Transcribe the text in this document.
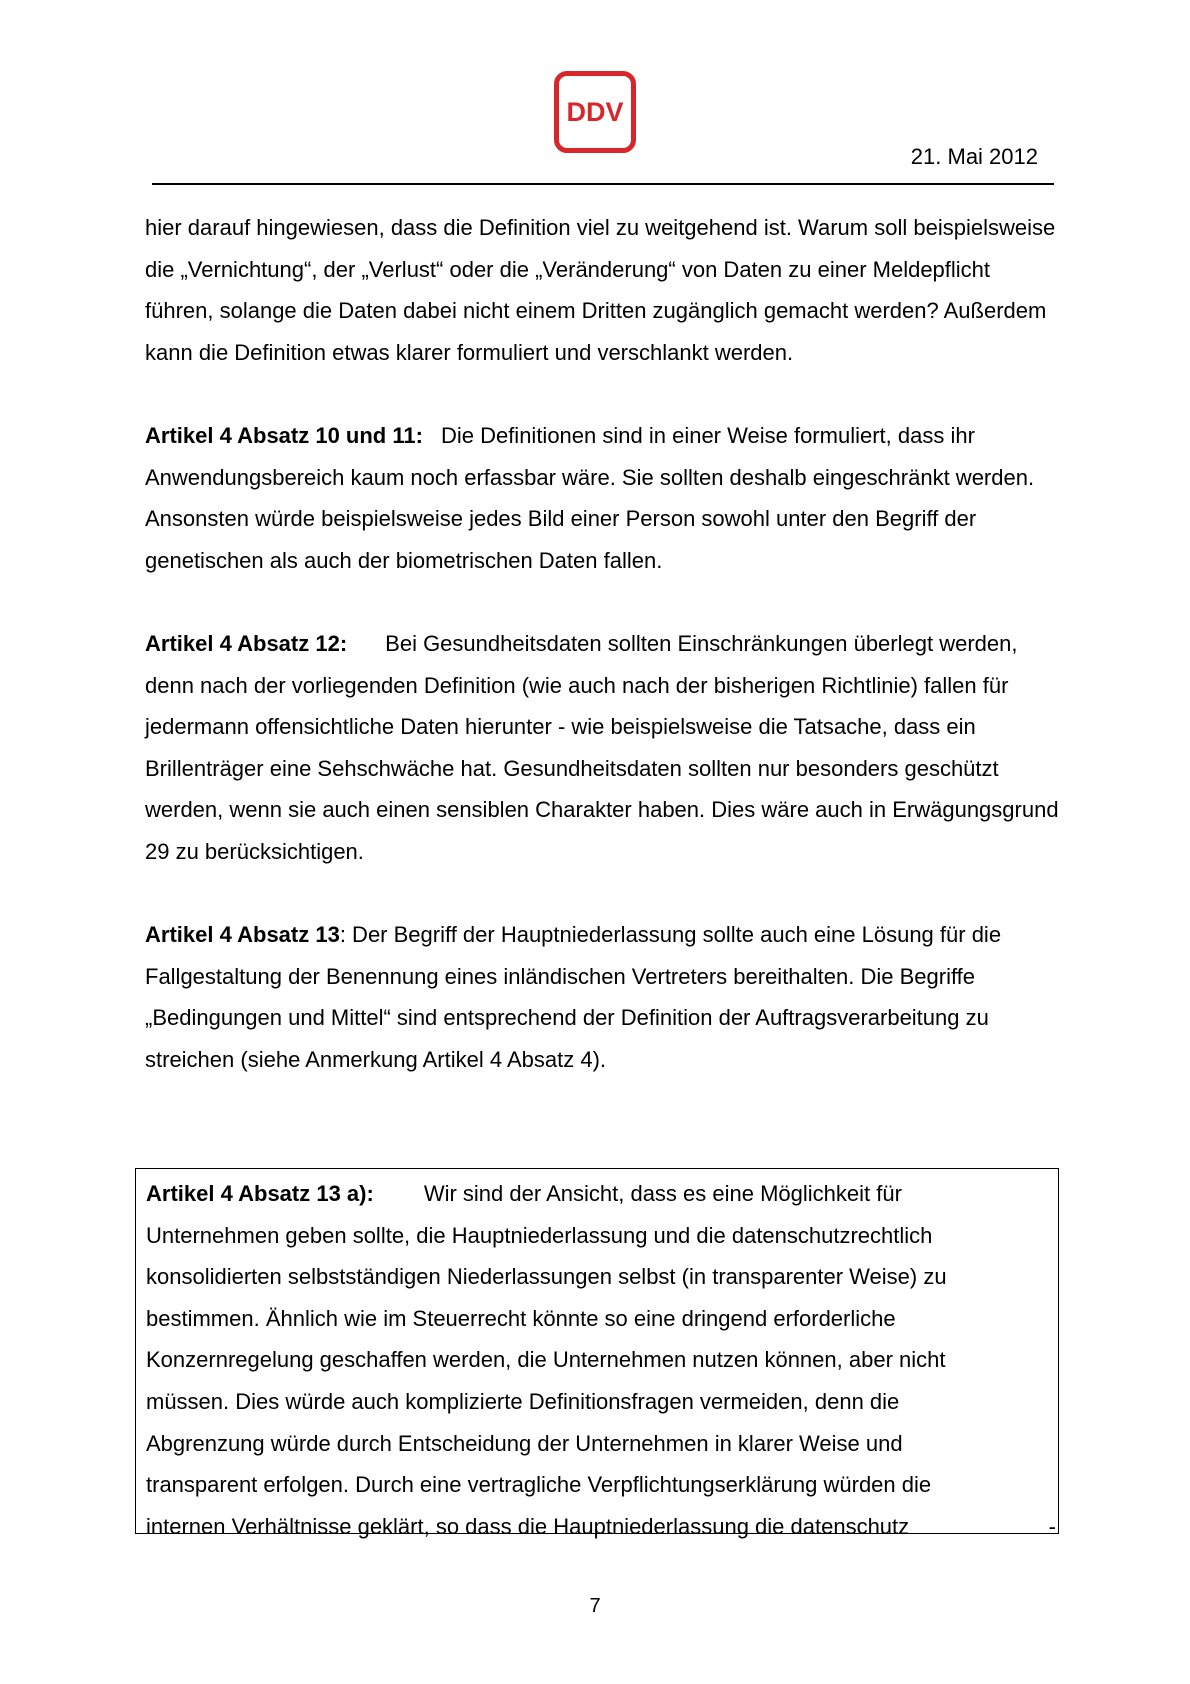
DDV
21. Mai 2012

hier darauf hingewiesen, dass die Definition viel zu weitgehend ist. Warum soll beispielsweise die „Vernichtung“, der „Verlust“ oder die „Veränderung“ von Daten zu einer Meldepflicht führen, solange die Daten dabei nicht einem Dritten zugänglich gemacht werden? Außerdem kann die Definition etwas klarer formuliert und verschlankt werden.

Artikel 4 Absatz 10 und 11: Die Definitionen sind in einer Weise formuliert, dass ihr Anwendungsbereich kaum noch erfassbar wäre. Sie sollten deshalb eingeschränkt werden. Ansonsten würde beispielsweise jedes Bild einer Person sowohl unter den Begriff der genetischen als auch der biometrischen Daten fallen.

Artikel 4 Absatz 12: Bei Gesundheitsdaten sollten Einschränkungen überlegt werden, denn nach der vorliegenden Definition (wie auch nach der bisherigen Richtlinie) fallen für jedermann offensichtliche Daten hierunter - wie beispielsweise die Tatsache, dass ein Brillenträger eine Sehschwäche hat. Gesundheitsdaten sollten nur besonders geschützt werden, wenn sie auch einen sensiblen Charakter haben. Dies wäre auch in Erwägungsgrund 29 zu berücksichtigen.

Artikel 4 Absatz 13: Der Begriff der Hauptniederlassung sollte auch eine Lösung für die Fallgestaltung der Benennung eines inländischen Vertreters bereithalten. Die Begriffe „Bedingungen und Mittel“ sind entsprechend der Definition der Auftragsverarbeitung zu streichen (siehe Anmerkung Artikel 4 Absatz 4).

Artikel 4 Absatz 13 a): Wir sind der Ansicht, dass es eine Möglichkeit für
Unternehmen geben sollte, die Hauptniederlassung und die datenschutzrechtlich
konsolidierten selbstständigen Niederlassungen selbst (in transparenter Weise) zu
bestimmen. Ähnlich wie im Steuerrecht könnte so eine dringend erforderliche
Konzernregelung geschaffen werden, die Unternehmen nutzen können, aber nicht
müssen. Dies würde auch komplizierte Definitionsfragen vermeiden, denn die
Abgrenzung würde durch Entscheidung der Unternehmen in klarer Weise und
transparent erfolgen. Durch eine vertragliche Verpflichtungserklärung würden die
internen Verhältnisse geklärt, so dass die Hauptniederlassung die datenschutz	-
7
